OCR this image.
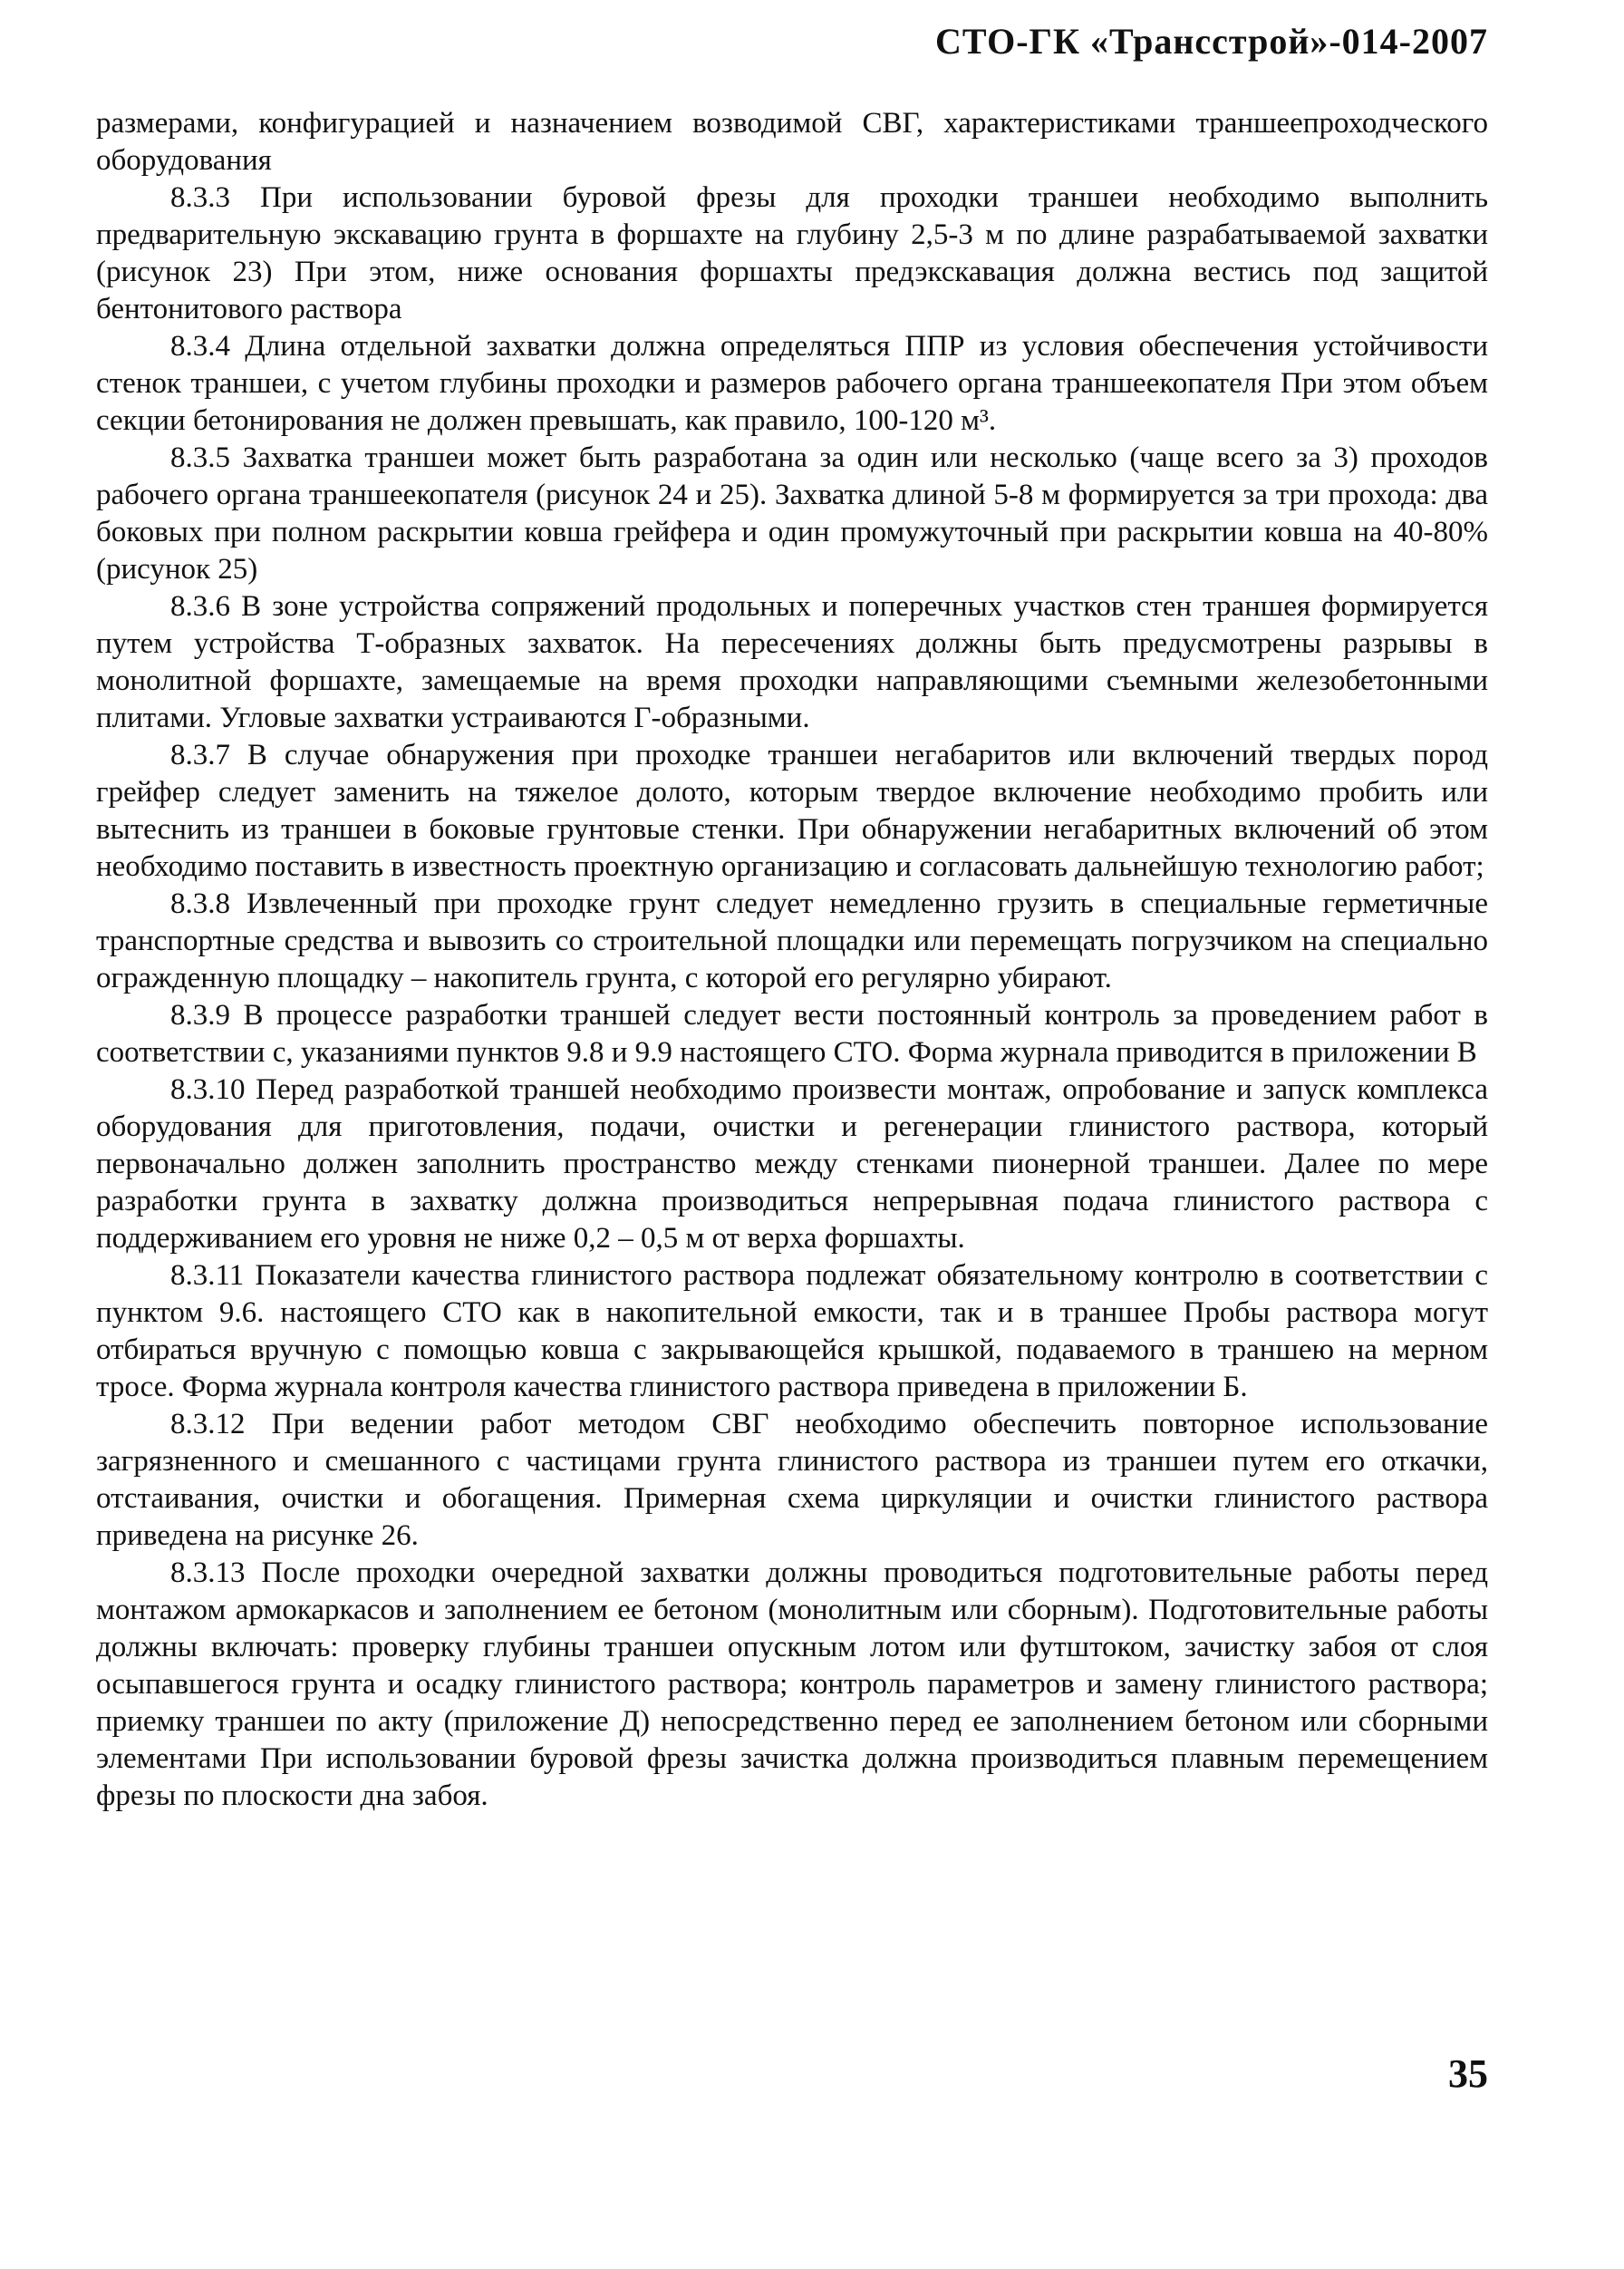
СТО-ГК «Трансстрой»-014-2007

размерами, конфигурацией и назначением возводимой СВГ, характеристиками траншеепроходческого оборудования

8.3.3 При использовании буровой фрезы для проходки траншеи необходимо выполнить предварительную экскавацию грунта в форшахте на глубину 2,5-3 м по длине разрабатываемой захватки (рисунок 23) При этом, ниже основания форшахты предэкскавация должна вестись под защитой бентонитового раствора

8.3.4 Длина отдельной захватки должна определяться ППР из условия обеспечения устойчивости стенок траншеи, с учетом глубины проходки и размеров рабочего органа траншеекопателя При этом объем секции бетонирования не должен превышать, как правило, 100-120 м³.

8.3.5 Захватка траншеи может быть разработана за один или несколько (чаще всего за 3) проходов рабочего органа траншеекопателя (рисунок 24 и 25). Захватка длиной 5-8 м формируется за три прохода: два боковых при полном раскрытии ковша грейфера и один промужуточный при раскрытии ковша на 40-80% (рисунок 25)

8.3.6 В зоне устройства сопряжений продольных и поперечных участков стен траншея формируется путем устройства Т-образных захваток. На пересечениях должны быть предусмотрены разрывы в монолитной форшахте, замещаемые на время проходки направляющими съемными железобетонными плитами. Угловые захватки устраиваются Г-образными.

8.3.7 В случае обнаружения при проходке траншеи негабаритов или включений твердых пород грейфер следует заменить на тяжелое долото, которым твердое включение необходимо пробить или вытеснить из траншеи в боковые грунтовые стенки. При обнаружении негабаритных включений об этом необходимо поставить в известность проектную организацию и согласовать дальнейшую технологию работ;

8.3.8 Извлеченный при проходке грунт следует немедленно грузить в специальные герметичные транспортные средства и вывозить со строительной площадки или перемещать погрузчиком на специально огражденную площадку – накопитель грунта, с которой его регулярно убирают.

8.3.9 В процессе разработки траншей следует вести постоянный контроль за проведением работ в соответствии с, указаниями пунктов 9.8 и 9.9 настоящего СТО. Форма журнала приводится в приложении В

8.3.10 Перед разработкой траншей необходимо произвести монтаж, опробование и запуск комплекса оборудования для приготовления, подачи, очистки и регенерации глинистого раствора, который первоначально должен заполнить пространство между стенками пионерной траншеи. Далее по мере разработки грунта в захватку должна производиться непрерывная подача глинистого раствора с поддерживанием его уровня не ниже 0,2 – 0,5 м от верха форшахты.

8.3.11 Показатели качества глинистого раствора подлежат обязательному контролю в соответствии с пунктом 9.6. настоящего СТО как в накопительной емкости, так и в траншее Пробы раствора могут отбираться вручную с помощью ковша с закрывающейся крышкой, подаваемого в траншею на мерном тросе. Форма журнала контроля качества глинистого раствора приведена в приложении Б.

8.3.12 При ведении работ методом СВГ необходимо обеспечить повторное использование загрязненного и смешанного с частицами грунта глинистого раствора из траншеи путем его откачки, отстаивания, очистки и обогащения. Примерная схема циркуляции и очистки глинистого раствора приведена на рисунке 26.

8.3.13 После проходки очередной захватки должны проводиться подготовительные работы перед монтажом армокаркасов и заполнением ее бетоном (монолитным или сборным). Подготовительные работы должны включать: проверку глубины траншеи опускным лотом или футштоком, зачистку забоя от слоя осыпавшегося грунта и осадку глинистого раствора; контроль параметров и замену глинистого раствора; приемку траншеи по акту (приложение Д) непосредственно перед ее заполнением бетоном или сборными элементами При использовании буровой фрезы зачистка должна производиться плавным перемещением фрезы по плоскости дна забоя.

35
